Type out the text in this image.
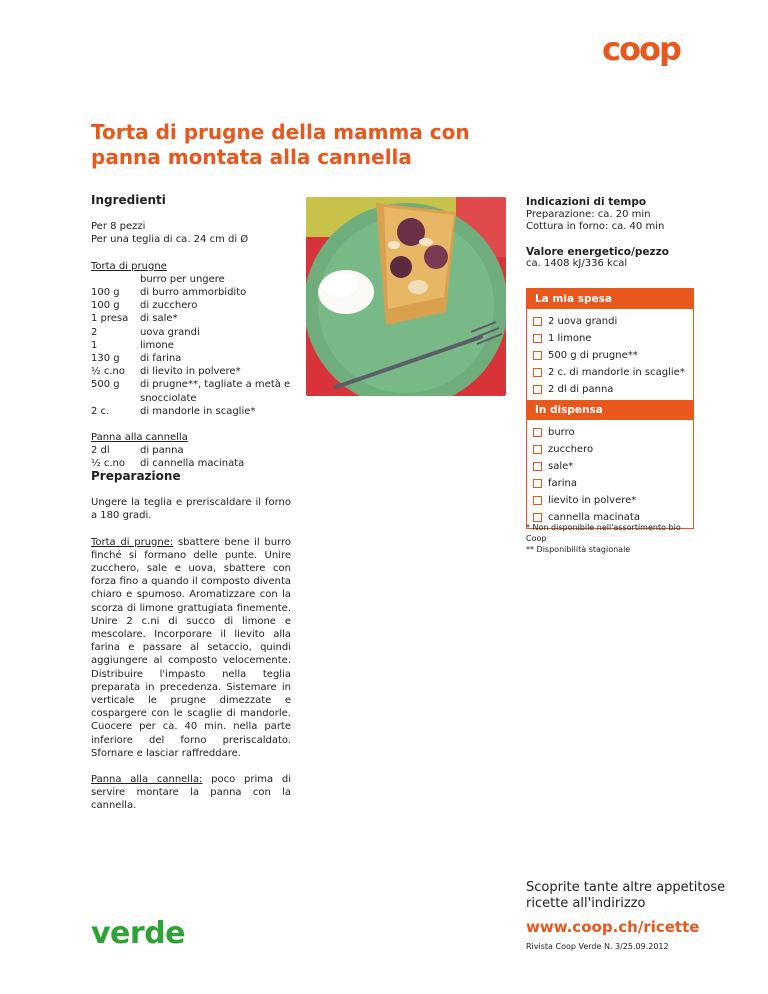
coop
Torta di prugne della mamma con panna montata alla cannella
Ingredienti

Per 8 pezzi

Per una teglia di ca. 24 cm di Ø

Torta di prugne

burro per ungere
100 g	di burro ammorbidito
100 g	di zucchero
1 presa	di sale*
2	uova grandi
1	limone
130 g	di farina
½ c.no	di lievito in polvere*
500 g	di prugne**, tagliate a metà e snocciolate
2 c.	di mandorle in scaglie*

Panna alla cannella

2 dl	di panna
½ c.no	di cannella macinata
Preparazione

Ungere la teglia e preriscaldare il forno a 180 gradi.

Torta di prugne: sbattere bene il burro finché si formano delle punte. Unire zucchero, sale e uova, sbattere con forza fino a quando il composto diventa chiaro e spumoso. Aromatizzare con la scorza di limone grattugiata finemente. Unire 2 c.ni di succo di limone e mescolare. Incorporare il lievito alla farina e passare al setaccio, quindi aggiungere al composto velocemente. Distribuire l'impasto nella teglia preparata in precedenza. Sistemare in verticale le prugne dimezzate e cospargere con le scaglie di mandorle. Cuocere per ca. 40 min. nella parte inferiore del forno preriscaldato. Sfornare e lasciar raffreddare.

Panna alla cannella: poco prima di servire montare la panna con la cannella.

Indicazioni di tempo

Preparazione: ca. 20 min

Cottura in forno: ca. 40 min

Valore energetico/pezzo

ca. 1408 kJ/336 kcal

La mia spesa
2 uova grandi
1 limone
500 g di prugne**
2 c. di mandorle in scaglie*
2 dl di panna
In dispensa
burro
zucchero
sale*
farina
lievito in polvere*
cannella macinata

* Non disponibile nell'assortimento bio Coop

** Disponibilità stagionale

verde

Scoprite tante altre appetitose ricette all'indirizzo

www.coop.ch/ricette

Rivista Coop Verde N. 3/25.09.2012
